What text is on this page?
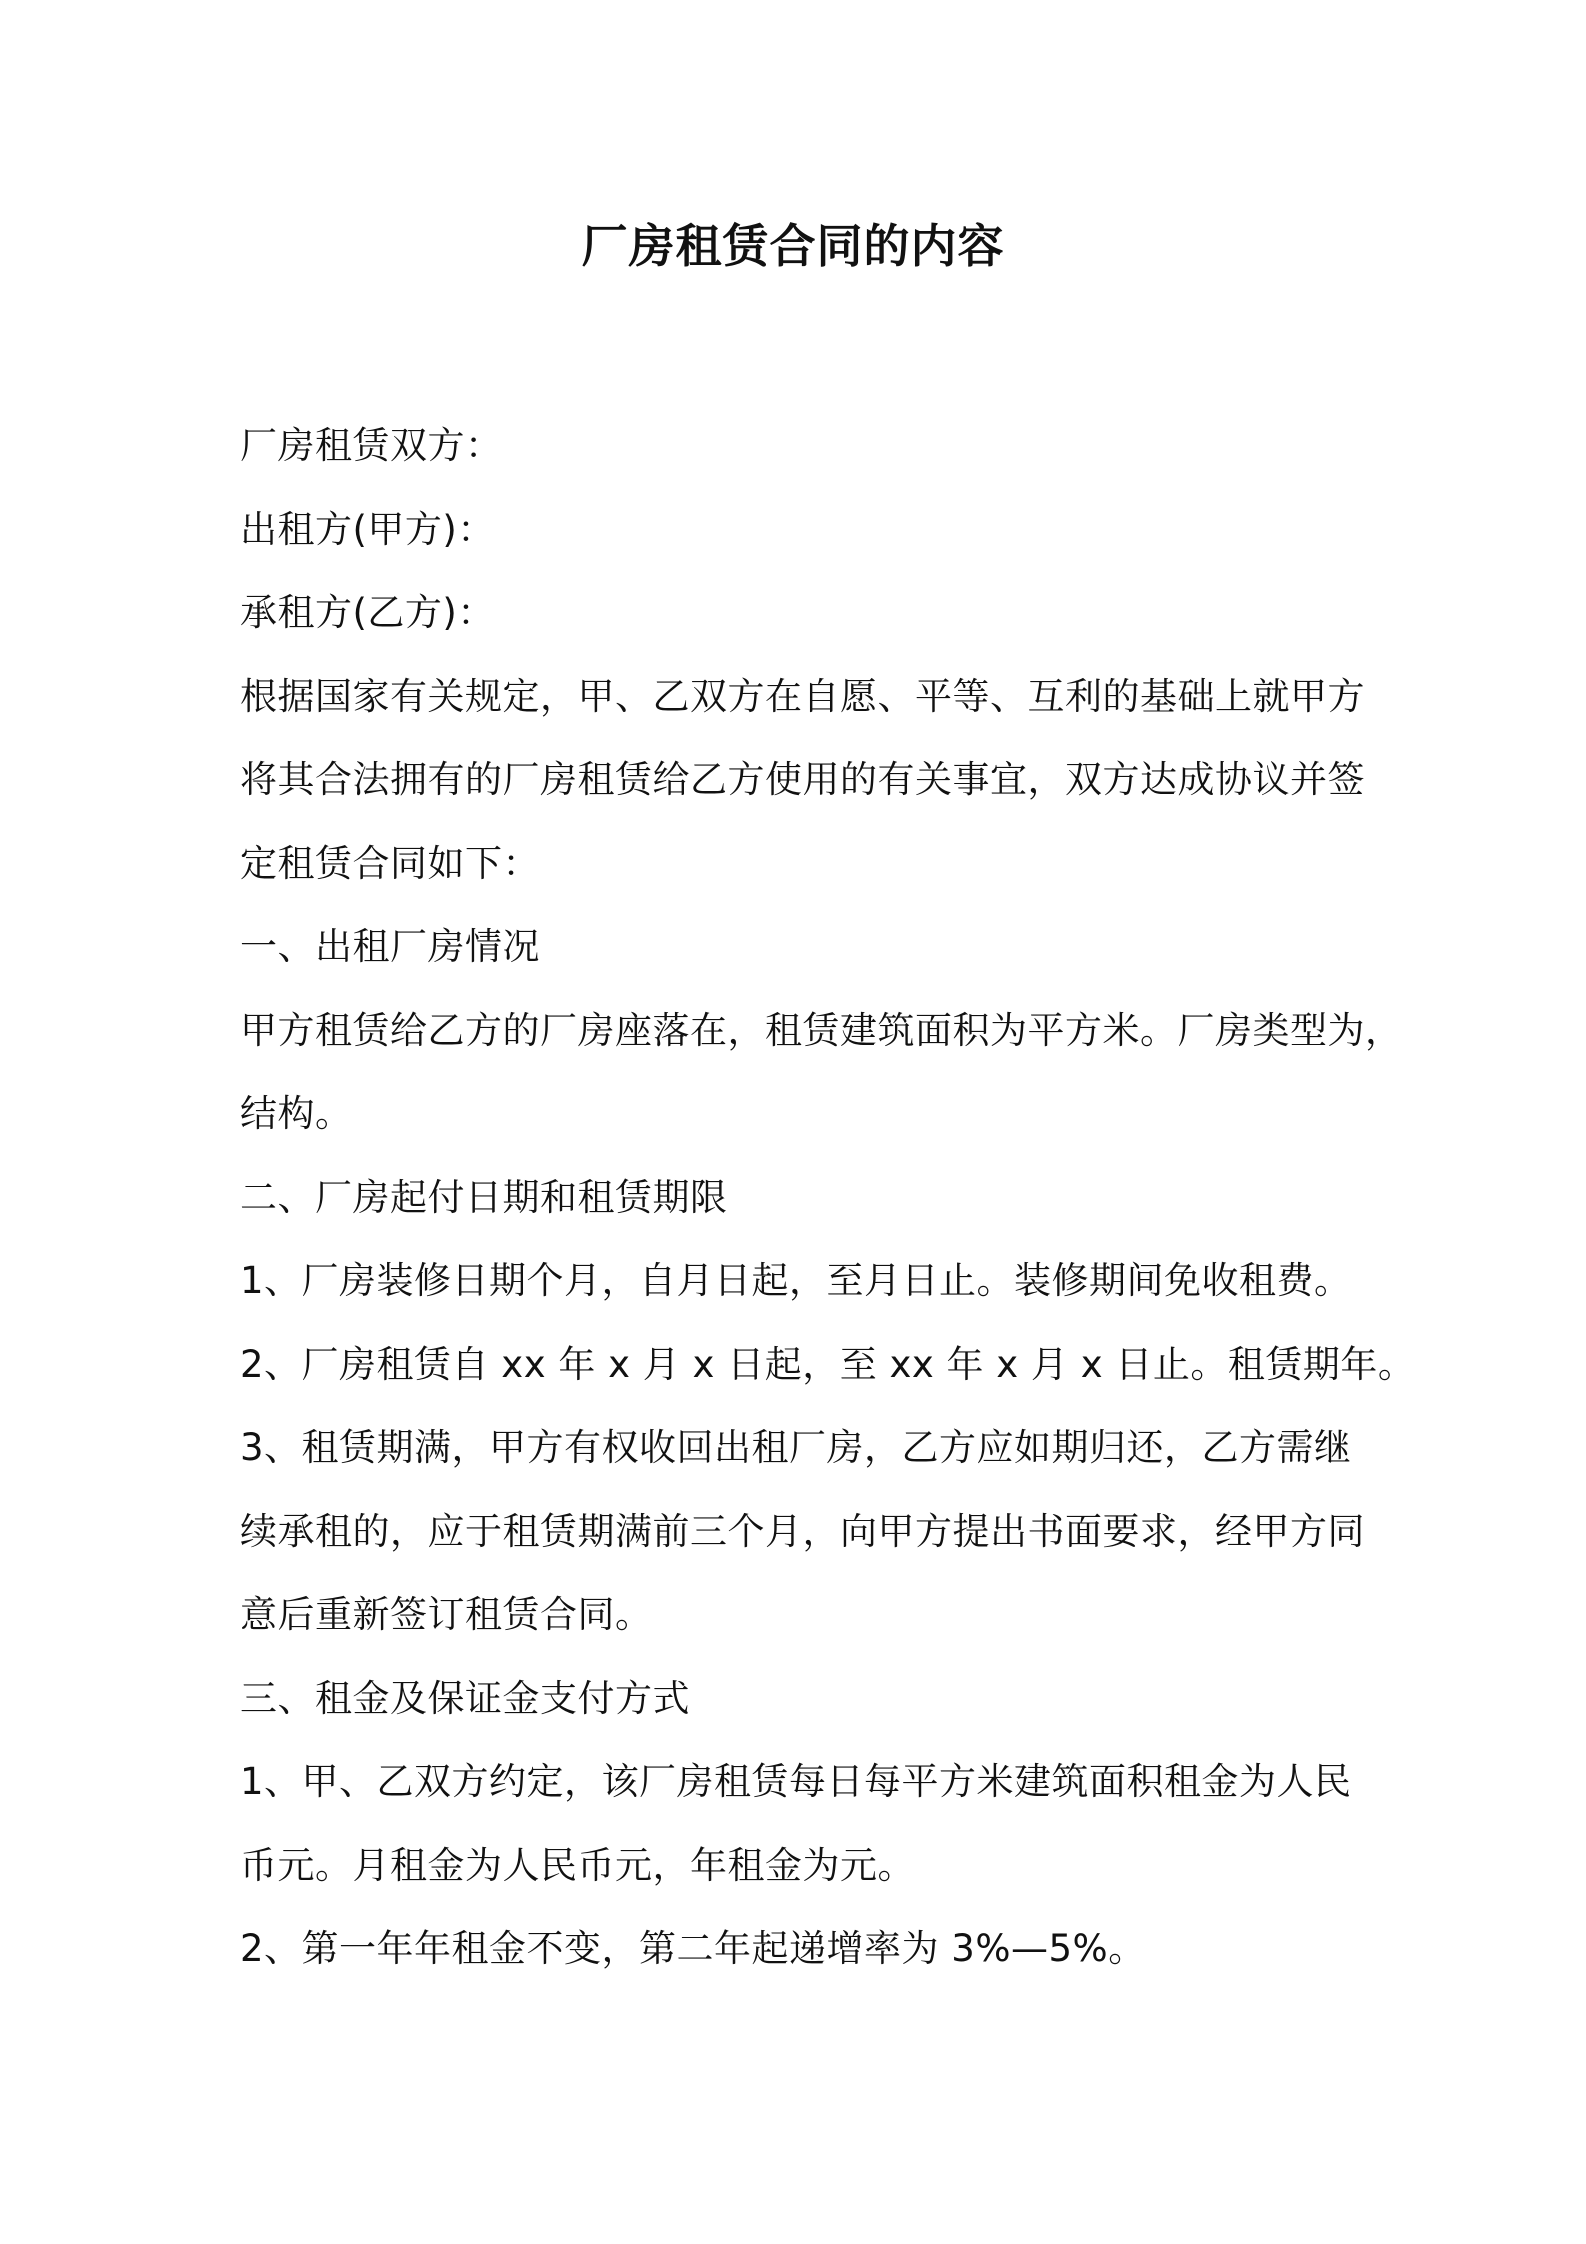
厂房租赁合同的内容
厂房租赁双方：
出租方(甲方)：
承租方(乙方)：
根据国家有关规定，甲、乙双方在自愿、平等、互利的基础上就甲方
将其合法拥有的厂房租赁给乙方使用的有关事宜，双方达成协议并签
定租赁合同如下：
一、出租厂房情况
甲方租赁给乙方的厂房座落在，租赁建筑面积为平方米。厂房类型为，
结构。
二、厂房起付日期和租赁期限
1、厂房装修日期个月，自月日起，至月日止。装修期间免收租费。
2、厂房租赁自 xx 年 x 月 x 日起，至 xx 年 x 月 x 日止。租赁期年。
3、租赁期满，甲方有权收回出租厂房，乙方应如期归还，乙方需继
续承租的，应于租赁期满前三个月，向甲方提出书面要求，经甲方同
意后重新签订租赁合同。
三、租金及保证金支付方式
1、甲、乙双方约定，该厂房租赁每日每平方米建筑面积租金为人民
币元。月租金为人民币元，年租金为元。
2、第一年年租金不变，第二年起递增率为 3%—5%。
